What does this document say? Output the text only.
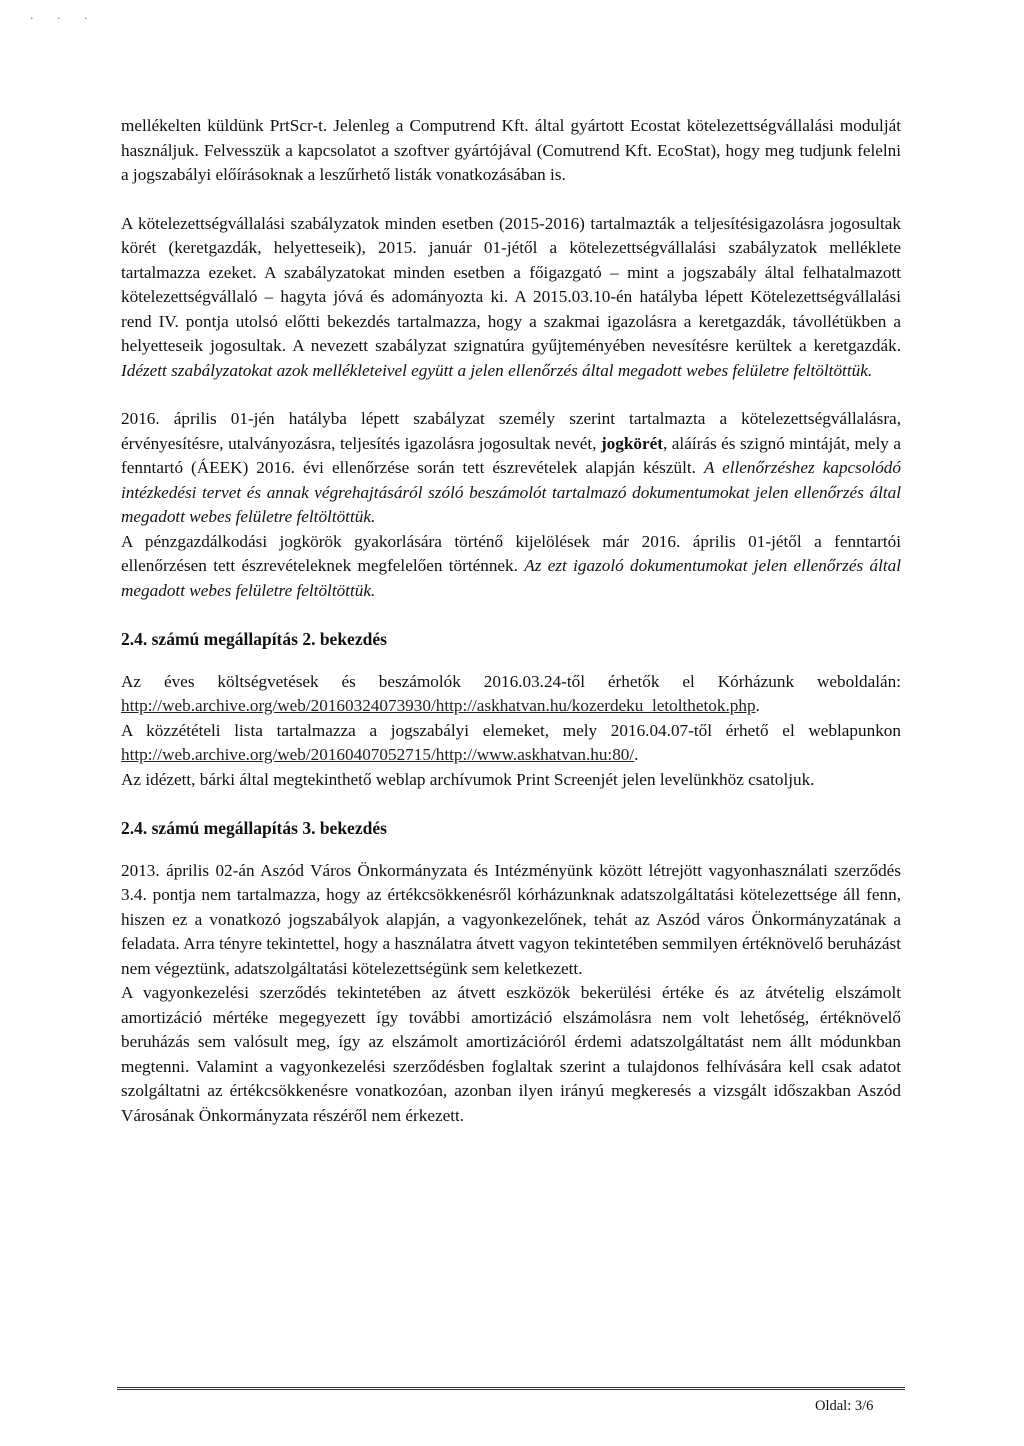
· · ·

mellékelten küldünk PrtScr-t. Jelenleg a Computrend Kft. által gyártott Ecostat kötelezettségvállalási modulját használjuk. Felvesszük a kapcsolatot a szoftver gyártójával (Comutrend Kft. EcoStat), hogy meg tudjunk felelni a jogszabályi előírásoknak a leszűrhető listák vonatkozásában is.

A kötelezettségvállalási szabályzatok minden esetben (2015-2016) tartalmazták a teljesítésigazolásra jogosultak körét (keretgazdák, helyetteseik), 2015. január 01-jétől a kötelezettségvállalási szabályzatok melléklete tartalmazza ezeket. A szabályzatokat minden esetben a főigazgató – mint a jogszabály által felhatalmazott kötelezettségvállaló – hagyta jóvá és adományozta ki. A 2015.03.10-én hatályba lépett Kötelezettségvállalási rend IV. pontja utolsó előtti bekezdés tartalmazza, hogy a szakmai igazolásra a keretgazdák, távollétükben a helyetteseik jogosultak. A nevezett szabályzat szignatúra gyűjteményében nevesítésre kerültek a keretgazdák. Idézett szabályzatokat azok mellékleteivel együtt a jelen ellenőrzés által megadott webes felületre feltöltöttük.

2016. április 01-jén hatályba lépett szabályzat személy szerint tartalmazta a kötelezettségvállalásra, érvényesítésre, utalványozásra, teljesítés igazolásra jogosultak nevét, jogkörét, aláírás és szignó mintáját, mely a fenntartó (ÁEEK) 2016. évi ellenőrzése során tett észrevételek alapján készült. A ellenőrzéshez kapcsolódó intézkedési tervet és annak végrehajtásáról szóló beszámolót tartalmazó dokumentumokat jelen ellenőrzés által megadott webes felületre feltöltöttük.

A pénzgazdálkodási jogkörök gyakorlására történő kijelölések már 2016. április 01-jétől a fenntartói ellenőrzésen tett észrevételeknek megfelelően történnek. Az ezt igazoló dokumentumokat jelen ellenőrzés által megadott webes felületre feltöltöttük.

2.4. számú megállapítás 2. bekezdés

Az éves költségvetések és beszámolók 2016.03.24-től érhetők el Kórházunk weboldalán: http://web.archive.org/web/20160324073930/http://askhatvan.hu/kozerdeku_letolthetok.php.

A közzétételi lista tartalmazza a jogszabályi elemeket, mely 2016.04.07-től érhető el weblapunkon http://web.archive.org/web/20160407052715/http://www.askhatvan.hu:80/.

Az idézett, bárki által megtekinthető weblap archívumok Print Screenjét jelen levelünkhöz csatoljuk.

2.4. számú megállapítás 3. bekezdés

2013. április 02-án Aszód Város Önkormányzata és Intézményünk között létrejött vagyonhasználati szerződés 3.4. pontja nem tartalmazza, hogy az értékcsökkenésről kórházunknak adatszolgáltatási kötelezettsége áll fenn, hiszen ez a vonatkozó jogszabályok alapján, a vagyonkezelőnek, tehát az Aszód város Önkormányzatának a feladata. Arra tényre tekintettel, hogy a használatra átvett vagyon tekintetében semmilyen értéknövelő beruházást nem végeztünk, adatszolgáltatási kötelezettségünk sem keletkezett.

A vagyonkezelési szerződés tekintetében az átvett eszközök bekerülési értéke és az átvételig elszámolt amortizáció mértéke megegyezett így további amortizáció elszámolásra nem volt lehetőség, értéknövelő beruházás sem valósult meg, így az elszámolt amortizációról érdemi adatszolgáltatást nem állt módunkban megtenni. Valamint a vagyonkezelési szerződésben foglaltak szerint a tulajdonos felhívására kell csak adatot szolgáltatni az értékcsökkenésre vonatkozóan, azonban ilyen irányú megkeresés a vizsgált időszakban Aszód Városának Önkormányzata részéről nem érkezett.

Oldal: 3/6
